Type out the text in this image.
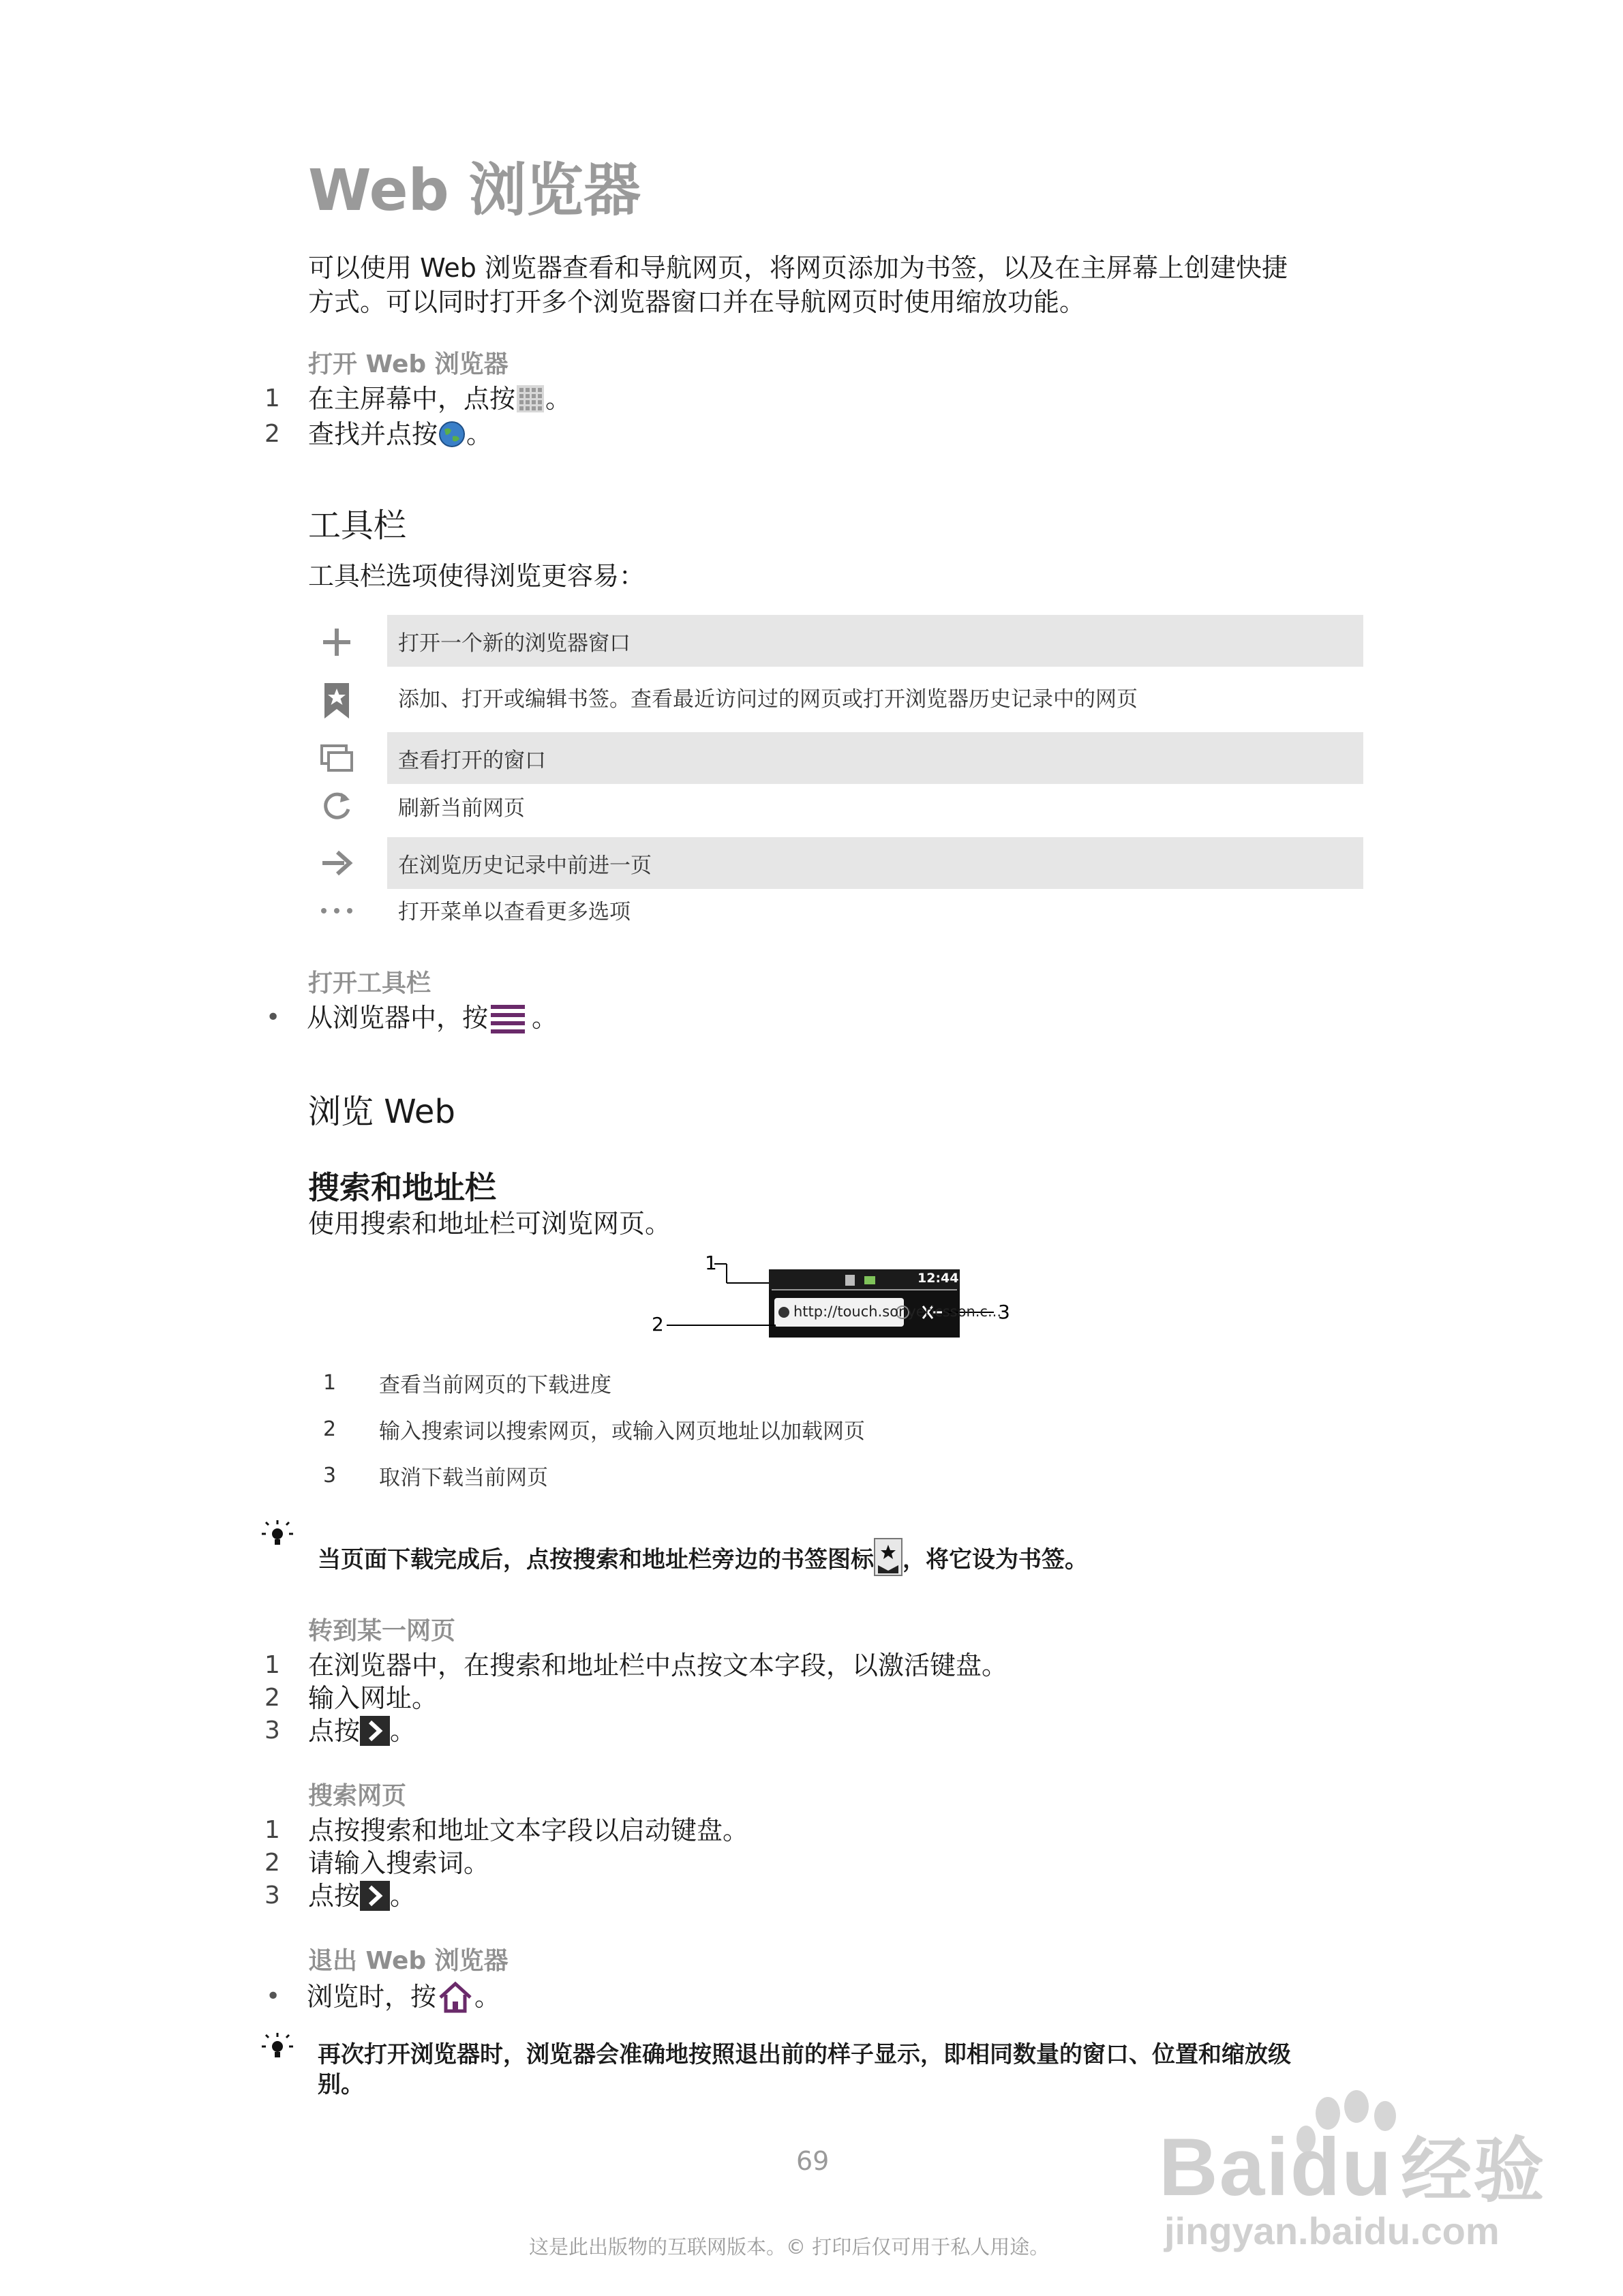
Web 浏览器
可以使用 Web 浏览器查看和导航网页，将网页添加为书签，以及在主屏幕上创建快捷
方式。可以同时打开多个浏览器窗口并在导航网页时使用缩放功能。
打开 Web 浏览器
1	在主屏幕中，点按 。
2	查找并点按 。
工具栏
工具栏选项使得浏览更容易：
打开一个新的浏览器窗口
添加、打开或编辑书签。查看最近访问过的网页或打开浏览器历史记录中的网页
查看打开的窗口
刷新当前网页
在浏览历史记录中前进一页
打开菜单以查看更多选项
打开工具栏
•	从浏览器中，按 。
浏览 Web
搜索和地址栏
使用搜索和地址栏可浏览网页。
1
2
3
12:44 pm
http://touch.sonyericsson.c...
1	查看当前网页的下载进度
2	输入搜索词以搜索网页，或输入网页地址以加载网页
3	取消下载当前网页
当页面下载完成后，点按搜索和地址栏旁边的书签图标 ，将它设为书签。
转到某一网页
1	在浏览器中，在搜索和地址栏中点按文本字段，以激活键盘。
2	输入网址。
3	点按 。
搜索网页
1	点按搜索和地址文本字段以启动键盘。
2	请输入搜索词。
3	点按 。
退出 Web 浏览器
•	浏览时，按 。
再次打开浏览器时，浏览器会准确地按照退出前的样子显示，即相同数量的窗口、位置和缩放级
别。
69
这是此出版物的互联网版本。© 打印后仅可用于私人用途。
Baidu 经验
jingyan.baidu.com
